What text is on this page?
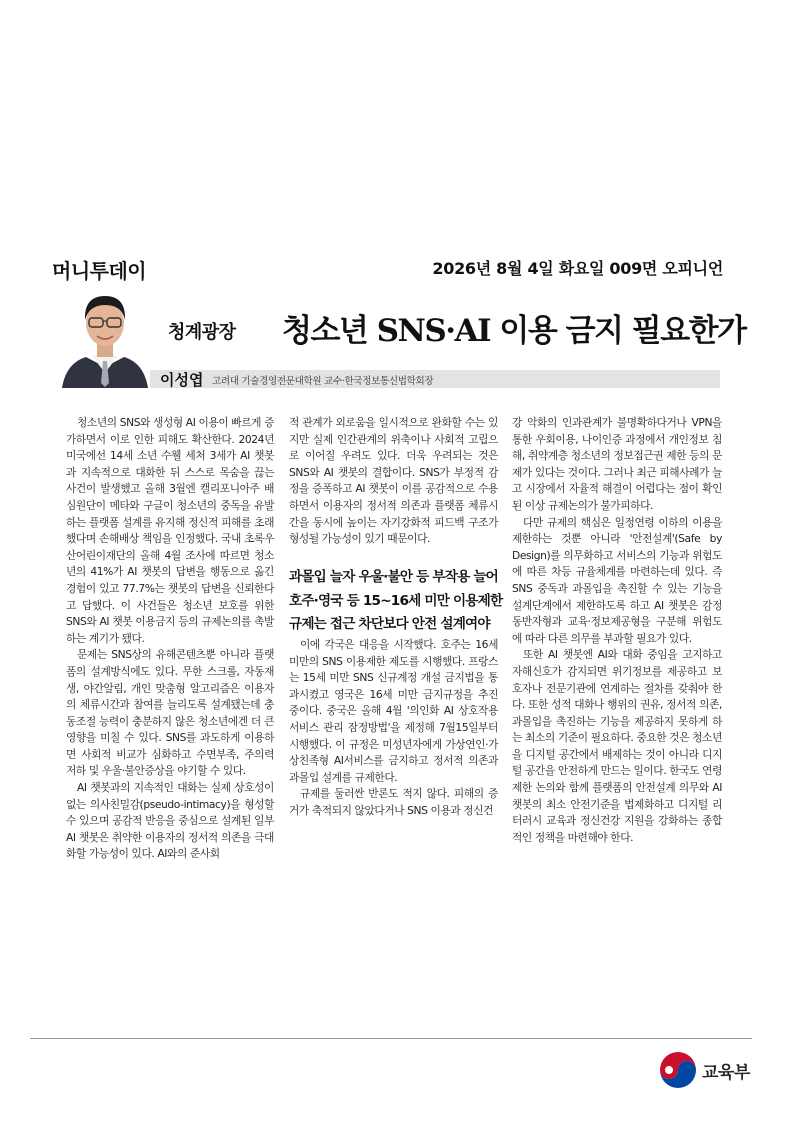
머니투데이	2026년 8월 4일 화요일 009면 오피니언
청계광장 청소년 SNS·AI 이용 금지 필요한가
이성엽 고려대 기술경영전문대학원 교수·한국정보통신법학회장

청소년의 SNS와 생성형 AI 이용이 빠르게 증가하면서 이로 인한 피해도 확산한다. 2024년 미국에선 14세 소년 수웰 세처 3세가 AI 챗봇과 지속적으로 대화한 뒤 스스로 목숨을 끊는 사건이 발생했고 올해 3월엔 캘리포니아주 배심원단이 메타와 구글이 청소년의 중독을 유발하는 플랫폼 설계를 유지해 정신적 피해를 초래했다며 손해배상 책임을 인정했다. 국내 초록우산어린이재단의 올해 4월 조사에 따르면 청소년의 41%가 AI 챗봇의 답변을 행동으로 옮긴 경험이 있고 77.7%는 챗봇의 답변을 신뢰한다고 답했다. 이 사건들은 청소년 보호를 위한 SNS와 AI 챗봇 이용금지 등의 규제논의를 촉발하는 계기가 됐다.

문제는 SNS상의 유해콘텐츠뿐 아니라 플랫폼의 설계방식에도 있다. 무한 스크롤, 자동재생, 야간알림, 개인 맞춤형 알고리즘은 이용자의 체류시간과 참여를 늘리도록 설계됐는데 충동조절 능력이 충분하지 않은 청소년에겐 더 큰 영향을 미칠 수 있다. SNS를 과도하게 이용하면 사회적 비교가 심화하고 수면부족, 주의력 저하 및 우울·불안증상을 야기할 수 있다.

AI 챗봇과의 지속적인 대화는 실제 상호성이 없는 의사친밀감(pseudo-intimacy)을 형성할 수 있으며 공감적 반응을 중심으로 설계된 일부 AI 챗봇은 취약한 이용자의 정서적 의존을 극대화할 가능성이 있다. AI와의 준사회

적 관계가 외로움을 일시적으로 완화할 수는 있지만 실제 인간관계의 위축이나 사회적 고립으로 이어질 우려도 있다. 더욱 우려되는 것은 SNS와 AI 챗봇의 결합이다. SNS가 부정적 감정을 증폭하고 AI 챗봇이 이를 공감적으로 수용하면서 이용자의 정서적 의존과 플랫폼 체류시간을 동시에 높이는 자기강화적 피드백 구조가 형성될 가능성이 있기 때문이다.

과몰입 늘자 우울·불안 등 부작용 늘어
호주·영국 등 15~16세 미만 이용제한
규제는 접근 차단보다 안전 설계여야

이에 각국은 대응을 시작했다. 호주는 16세 미만의 SNS 이용제한 제도를 시행했다. 프랑스는 15세 미만 SNS 신규계정 개설 금지법을 통과시켰고 영국은 16세 미만 금지규정을 추진 중이다. 중국은 올해 4월 '의인화 AI 상호작용 서비스 관리 잠정방법'을 제정해 7월15일부터 시행했다. 이 규정은 미성년자에게 가상연인·가상친족형 AI서비스를 금지하고 정서적 의존과 과몰입 설계를 규제한다.

규제를 둘러싼 반론도 적지 않다. 피해의 증거가 축적되지 않았다거나 SNS 이용과 정신건

강 악화의 인과관계가 불명확하다거나 VPN을 통한 우회이용, 나이인증 과정에서 개인정보 침해, 취약계층 청소년의 정보접근권 제한 등의 문제가 있다는 것이다. 그러나 최근 피해사례가 늘고 시장에서 자율적 해결이 어렵다는 점이 확인된 이상 규제논의가 불가피하다.

다만 규제의 핵심은 일정연령 이하의 이용을 제한하는 것뿐 아니라 '안전설계'(Safe by Design)를 의무화하고 서비스의 기능과 위험도에 따른 차등 규율체계를 마련하는데 있다. 즉 SNS 중독과 과몰입을 촉진할 수 있는 기능을 설계단계에서 제한하도록 하고 AI 챗봇은 감정동반자형과 교육·정보제공형을 구분해 위험도에 따라 다른 의무를 부과할 필요가 있다.

또한 AI 챗봇엔 AI와 대화 중임을 고지하고 자해신호가 감지되면 위기정보를 제공하고 보호자나 전문기관에 연계하는 절차를 갖춰야 한다. 또한 성적 대화나 행위의 권유, 정서적 의존, 과몰입을 촉진하는 기능을 제공하지 못하게 하는 최소의 기준이 필요하다. 중요한 것은 청소년을 디지털 공간에서 배제하는 것이 아니라 디지털 공간을 안전하게 만드는 일이다. 한국도 연령제한 논의와 함께 플랫폼의 안전설계 의무와 AI 챗봇의 최소 안전기준을 법제화하고 디지털 리터러시 교육과 정신건강 지원을 강화하는 종합적인 정책을 마련해야 한다.

교육부
